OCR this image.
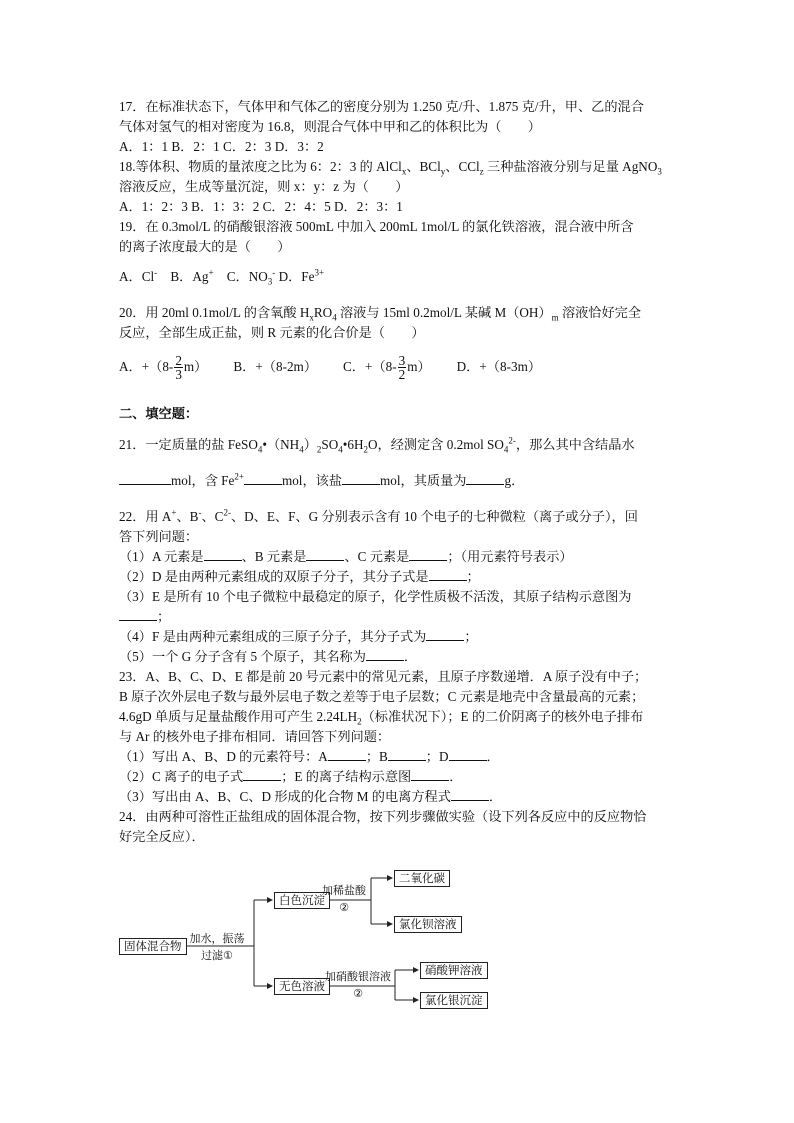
17．在标准状态下，气体甲和气体乙的密度分别为 1.250 克/升、1.875 克/升，甲、乙的混合
气体对氢气的相对密度为 16.8，则混合气体中甲和乙的体积比为（　　）
A．1：1 B．2：1 C．2：3 D．3：2
18.等体积、物质的量浓度之比为 6：2：3 的 AlCl$_x$、BCl$_y$、CCl$_z$ 三种盐溶液分别与足量 AgNO$_3$
溶液反应，生成等量沉淀，则 x：y：z 为（　　）
A．1：2：3 B．1：3：2 C．2：4：5 D．2：3：1
19．在 0.3mol/L 的硝酸银溶液 500mL 中加入 200mL 1mol/L 的氯化铁溶液，混合液中所含
的离子浓度最大的是（　　）
A．Cl-　B．Ag+　C．$NO_3^-$ D．$Fe^{3+}$
20．用 20ml 0.1mol/L 的含氧酸 $H_xRO_4$ 溶液与 15ml 0.2mol/L 某碱 $M(OH)_m$ 溶液恰好完全
反应，全部生成正盐，则 R 元素的化合价是（　　）
A．$+(8- \frac{2}{3} m)$ B．+（8-2m） C．$+(8- \frac{3}{2} m)$ D．+（8-3m）
二、填空题：
21．一定质量的盐 $FeSO_4•(NH_4)_2SO_4•6H_2O$，经测定含 0.2mol $SO_4^{2-}$，那么其中含结晶水
mol，含 $Fe^{2+}$	mol，该盐	mol，其质量为	g．
22．用 A+、B-、$C^{2-}$、D、E、F、G 分别表示含有 10 个电子的七种微粒（离子或分子），回
答下列问题：
（1）A 元素是	、B 元素是	、C 元素是	；（用元素符号表示）
（2）D 是由两种元素组成的双原子分子，其分子式是	；
（3）E 是所有 10 个电子微粒中最稳定的原子，化学性质极不活泼，其原子结构示意图为
；
（4）F 是由两种元素组成的三原子分子，其分子式为	；
（5）一个 G 分子含有 5 个原子，其名称为	．
23．A、B、C、D、E 都是前 20 号元素中的常见元素，且原子序数递增．A 原子没有中子；
B 原子次外层电子数与最外层电子数之差等于电子层数；C 元素是地壳中含量最高的元素；
4.6gD 单质与足量盐酸作用可产生 $2.24LH_2$（标准状况下）；E 的二价阴离子的核外电子排布
与 Ar 的核外电子排布相同．请回答下列问题：
（1）写出 A、B、D 的元素符号：A	；B	；D	．
（2）C 离子的电子式	；E 的离子结构示意图	．
（3）写出由 A、B、C、D 形成的化合物 M 的电离方程式	．
24．由两种可溶性正盐组成的固体混合物，按下列步骤做实验（设下列各反应中的反应物恰
好完全反应）．
固体混合物
加水，振荡
过滤①
白色沉淀
加稀盐酸
②
二氧化碳
氯化钡溶液
无色溶液
加硝酸银溶液
②
硝酸钾溶液
氯化银沉淀
